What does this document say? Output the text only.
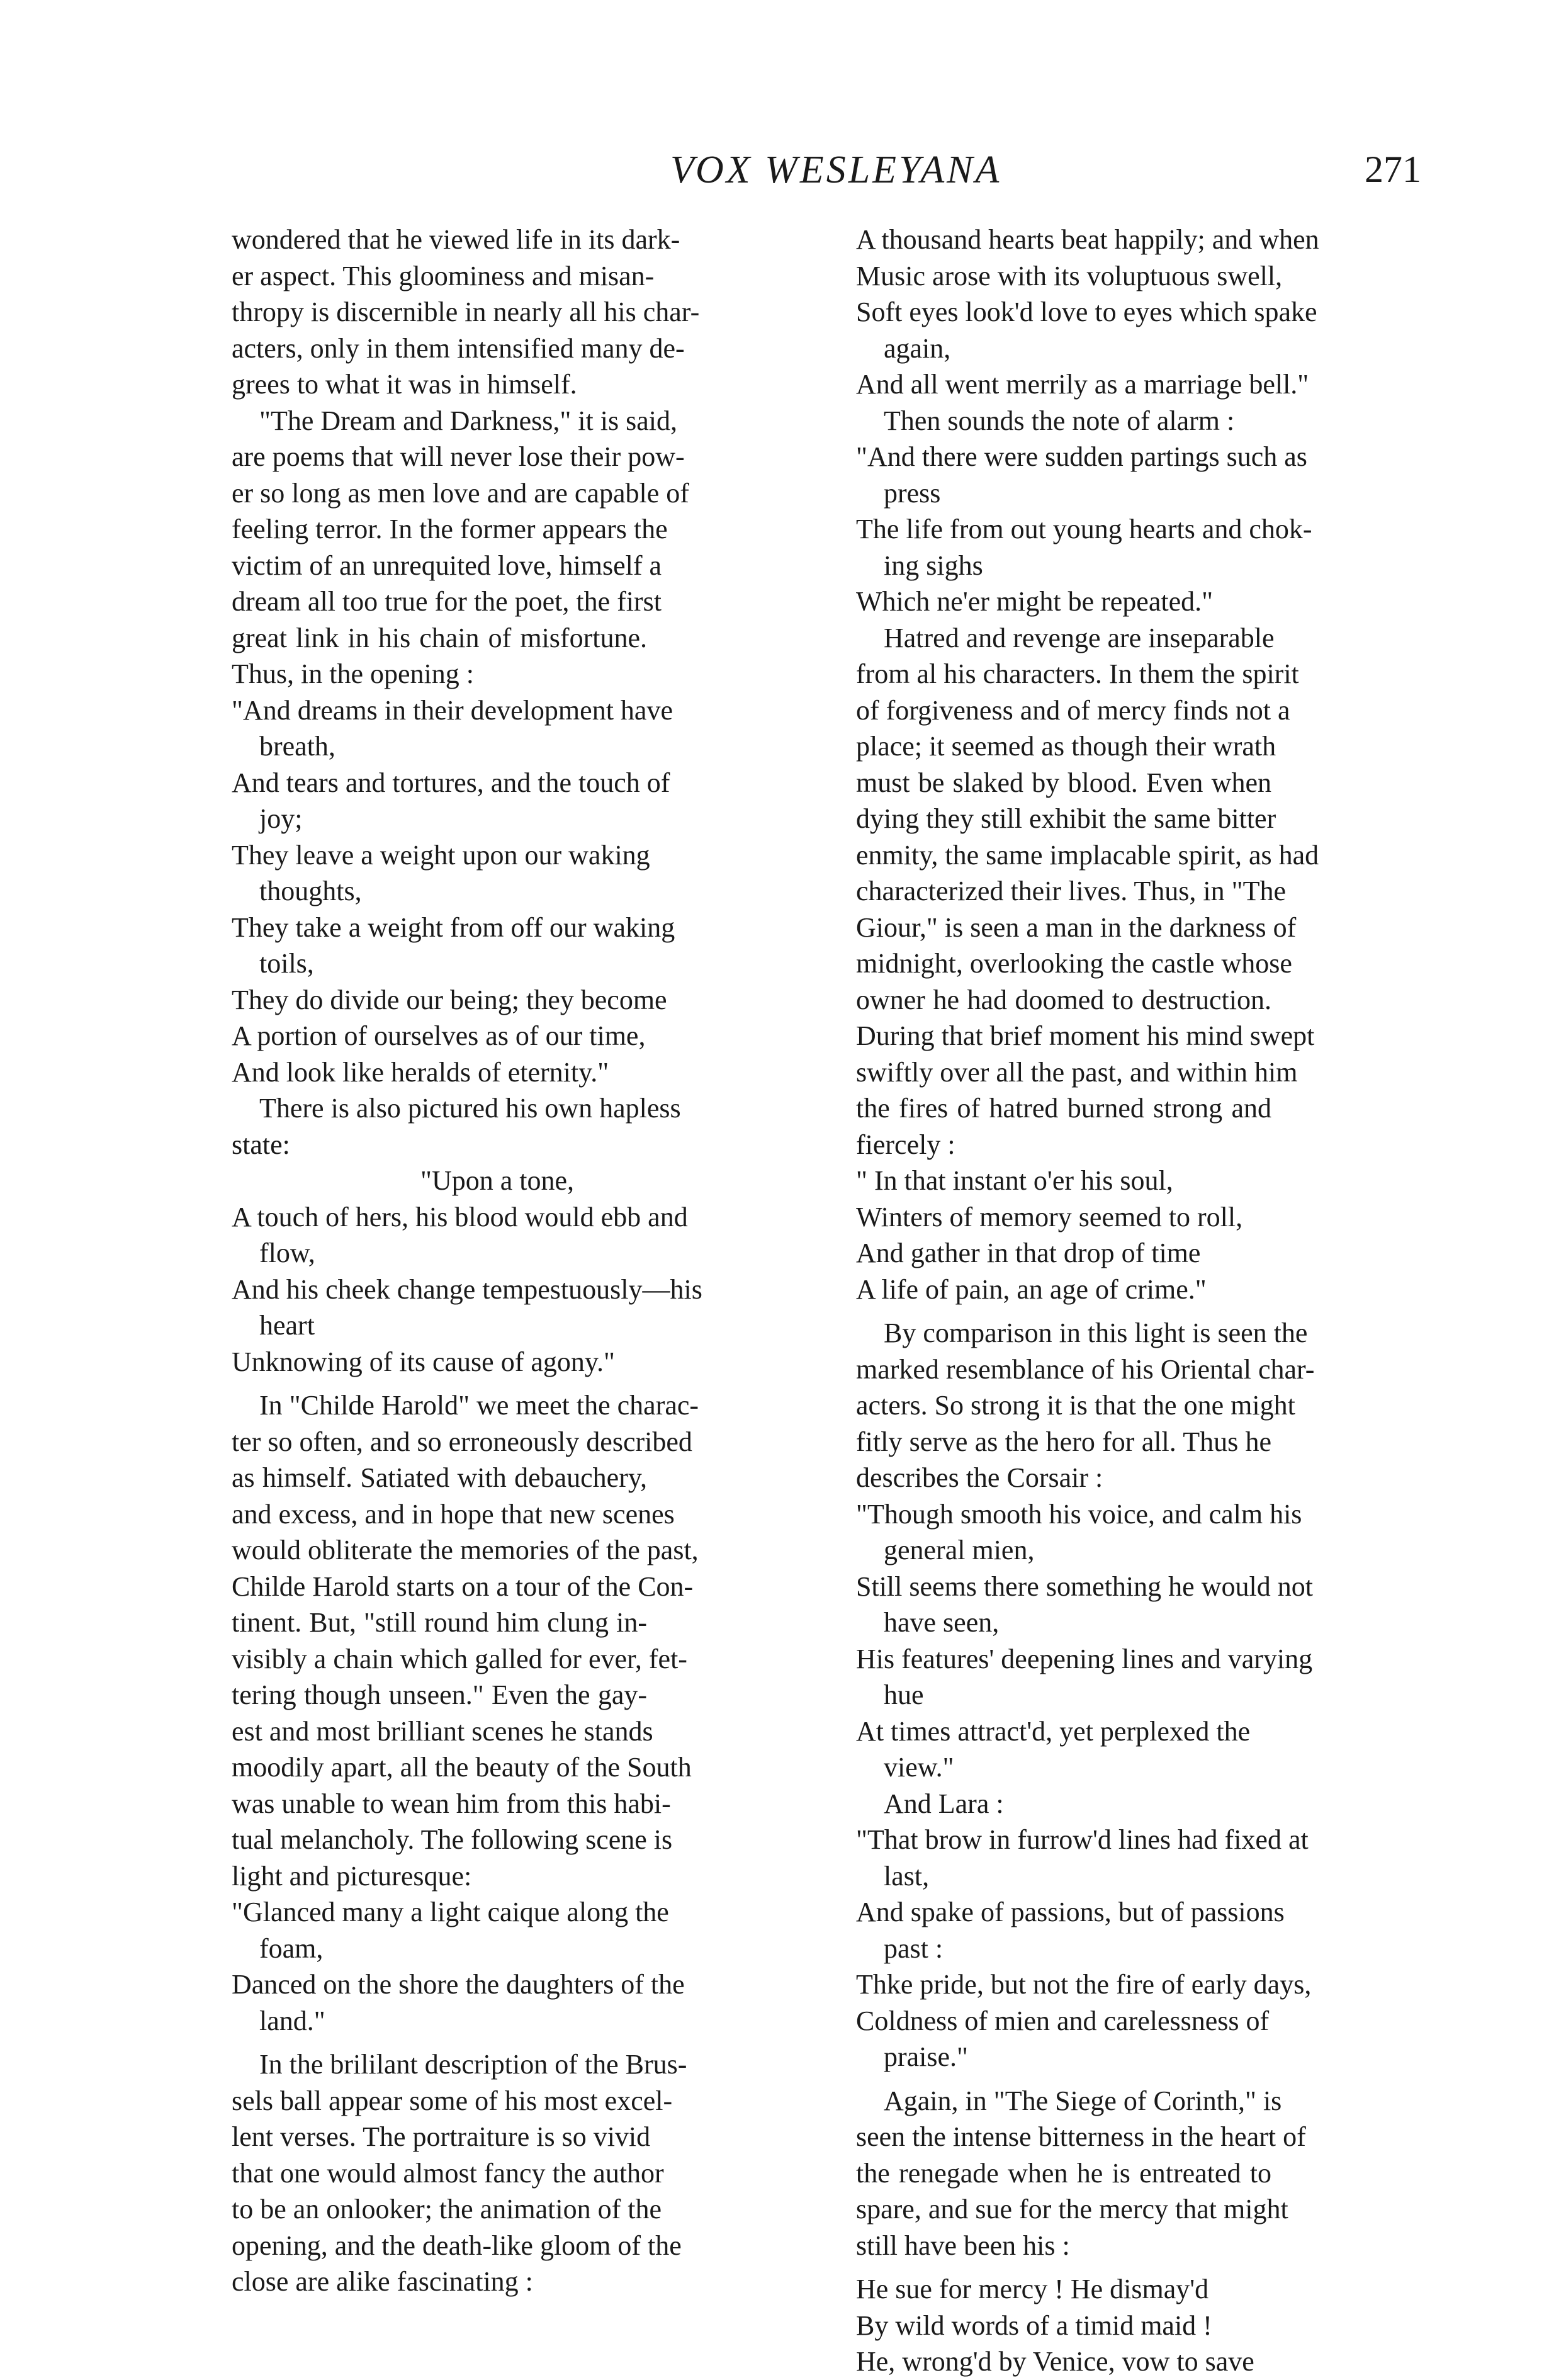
VOX WESLEYANA	271
wondered that he viewed life in its dark-
er aspect. This gloominess and misan-
thropy is discernible in nearly all his char-
acters, only in them intensified many de-
grees to what it was in himself.
"The Dream and Darkness," it is said,
are poems that will never lose their pow-
er so long as men love and are capable of
feeling terror. In the former appears the
victim of an unrequited love, himself a
dream all too true for the poet, the first
great link in his chain of misfortune.
Thus, in the opening :
"And dreams in their development have
breath,
And tears and tortures, and the touch of
joy;
They leave a weight upon our waking
thoughts,
They take a weight from off our waking
toils,
They do divide our being; they become
A portion of ourselves as of our time,
And look like heralds of eternity."
There is also pictured his own hapless
state:
"Upon a tone,
A touch of hers, his blood would ebb and
flow,
And his cheek change tempestuously—his
heart
Unknowing of its cause of agony."
In "Childe Harold" we meet the charac-
ter so often, and so erroneously described
as himself. Satiated with debauchery,
and excess, and in hope that new scenes
would obliterate the memories of the past,
Childe Harold starts on a tour of the Con-
tinent. But, "still round him clung in-
visibly a chain which galled for ever, fet-
tering though unseen." Even the gay-
est and most brilliant scenes he stands
moodily apart, all the beauty of the South
was unable to wean him from this habi-
tual melancholy. The following scene is
light and picturesque:
"Glanced many a light caique along the
foam,
Danced on the shore the daughters of the
land."
In the brililant description of the Brus-
sels ball appear some of his most excel-
lent verses. The portraiture is so vivid
that one would almost fancy the author
to be an onlooker; the animation of the
opening, and the death-like gloom of the
close are alike fascinating :
A thousand hearts beat happily; and when
Music arose with its voluptuous swell,
Soft eyes look'd love to eyes which spake
again,
And all went merrily as a marriage bell."
Then sounds the note of alarm :
"And there were sudden partings such as
press
The life from out young hearts and chok-
ing sighs
Which ne'er might be repeated."
Hatred and revenge are inseparable
from al his characters. In them the spirit
of forgiveness and of mercy finds not a
place; it seemed as though their wrath
must be slaked by blood. Even when
dying they still exhibit the same bitter
enmity, the same implacable spirit, as had
characterized their lives. Thus, in "The
Giour," is seen a man in the darkness of
midnight, overlooking the castle whose
owner he had doomed to destruction.
During that brief moment his mind swept
swiftly over all the past, and within him
the fires of hatred burned strong and
fiercely :
" In that instant o'er his soul,
Winters of memory seemed to roll,
And gather in that drop of time
A life of pain, an age of crime."
By comparison in this light is seen the
marked resemblance of his Oriental char-
acters. So strong it is that the one might
fitly serve as the hero for all. Thus he
describes the Corsair :
"Though smooth his voice, and calm his
general mien,
Still seems there something he would not
have seen,
His features' deepening lines and varying
hue
At times attract'd, yet perplexed the
view."
And Lara :
"That brow in furrow'd lines had fixed at
last,
And spake of passions, but of passions
past :
Thke pride, but not the fire of early days,
Coldness of mien and carelessness of
praise."
Again, in "The Siege of Corinth," is
seen the intense bitterness in the heart of
the renegade when he is entreated to
spare, and sue for the mercy that might
still have been his :
He sue for mercy ! He dismay'd
By wild words of a timid maid !
He, wrong'd by Venice, vow to save
